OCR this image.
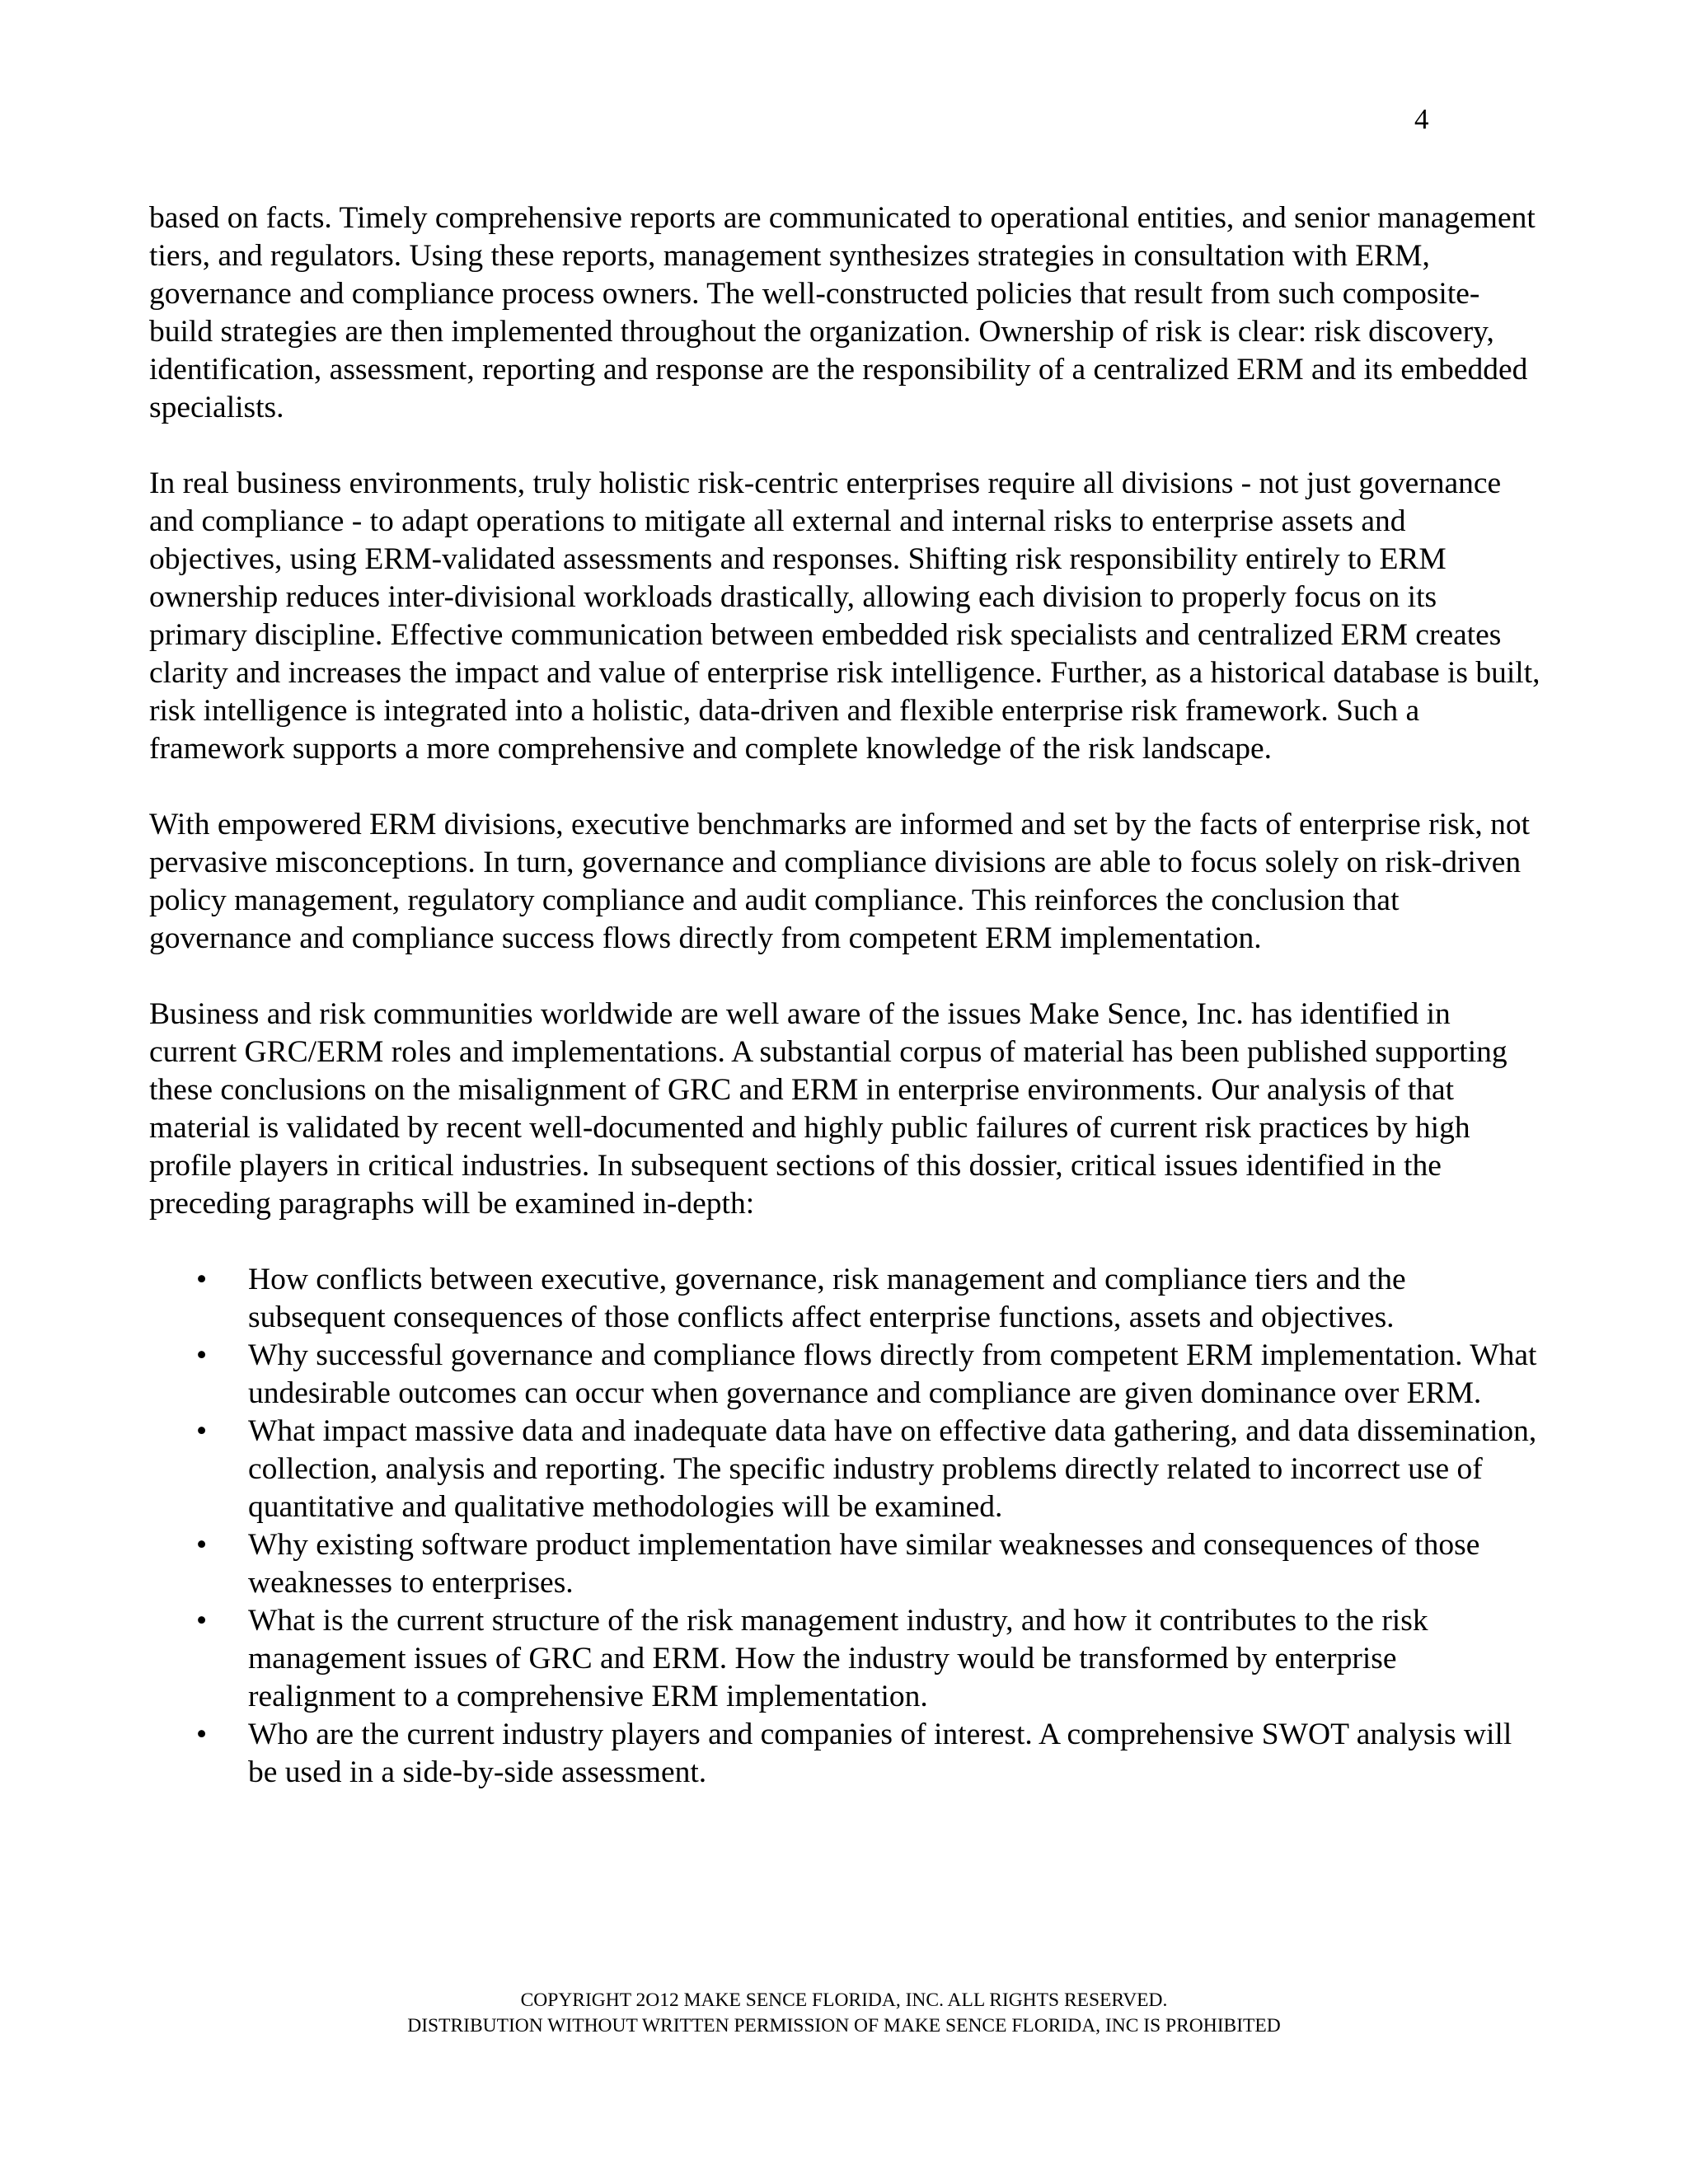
4

based on facts. Timely comprehensive reports are communicated to operational entities, and senior management tiers, and regulators. Using these reports, management synthesizes strategies in consultation with ERM, governance and compliance process owners. The well-constructed policies that result from such composite-build strategies are then implemented throughout the organization. Ownership of risk is clear: risk discovery, identification, assessment, reporting and response are the responsibility of a centralized ERM and its embedded specialists.

In real business environments, truly holistic risk-centric enterprises require all divisions - not just governance and compliance - to adapt operations to mitigate all external and internal risks to enterprise assets and objectives, using ERM-validated assessments and responses. Shifting risk responsibility entirely to ERM ownership reduces inter-divisional workloads drastically, allowing each division to properly focus on its primary discipline. Effective communication between embedded risk specialists and centralized ERM creates clarity and increases the impact and value of enterprise risk intelligence. Further, as a historical database is built, risk intelligence is integrated into a holistic, data-driven and flexible enterprise risk framework. Such a framework supports a more comprehensive and complete knowledge of the risk landscape.

With empowered ERM divisions, executive benchmarks are informed and set by the facts of enterprise risk, not pervasive misconceptions. In turn, governance and compliance divisions are able to focus solely on risk-driven policy management, regulatory compliance and audit compliance. This reinforces the conclusion that governance and compliance success flows directly from competent ERM implementation.

Business and risk communities worldwide are well aware of the issues Make Sence, Inc. has identified in current GRC/ERM roles and implementations. A substantial corpus of material has been published supporting these conclusions on the misalignment of GRC and ERM in enterprise environments. Our analysis of that material is validated by recent well-documented and highly public failures of current risk practices by high profile players in critical industries. In subsequent sections of this dossier, critical issues identified in the preceding paragraphs will be examined in-depth:

• How conflicts between executive, governance, risk management and compliance tiers and the subsequent consequences of those conflicts affect enterprise functions, assets and objectives.
• Why successful governance and compliance flows directly from competent ERM implementation. What undesirable outcomes can occur when governance and compliance are given dominance over ERM.
• What impact massive data and inadequate data have on effective data gathering, and data dissemination, collection, analysis and reporting. The specific industry problems directly related to incorrect use of quantitative and qualitative methodologies will be examined.
• Why existing software product implementation have similar weaknesses and consequences of those weaknesses to enterprises.
• What is the current structure of the risk management industry, and how it contributes to the risk management issues of GRC and ERM. How the industry would be transformed by enterprise realignment to a comprehensive ERM implementation.
• Who are the current industry players and companies of interest. A comprehensive SWOT analysis will be used in a side-by-side assessment.
COPYRIGHT 2O12 MAKE SENCE FLORIDA, INC. ALL RIGHTS RESERVED.
DISTRIBUTION WITHOUT WRITTEN PERMISSION OF MAKE SENCE FLORIDA, INC IS PROHIBITED
